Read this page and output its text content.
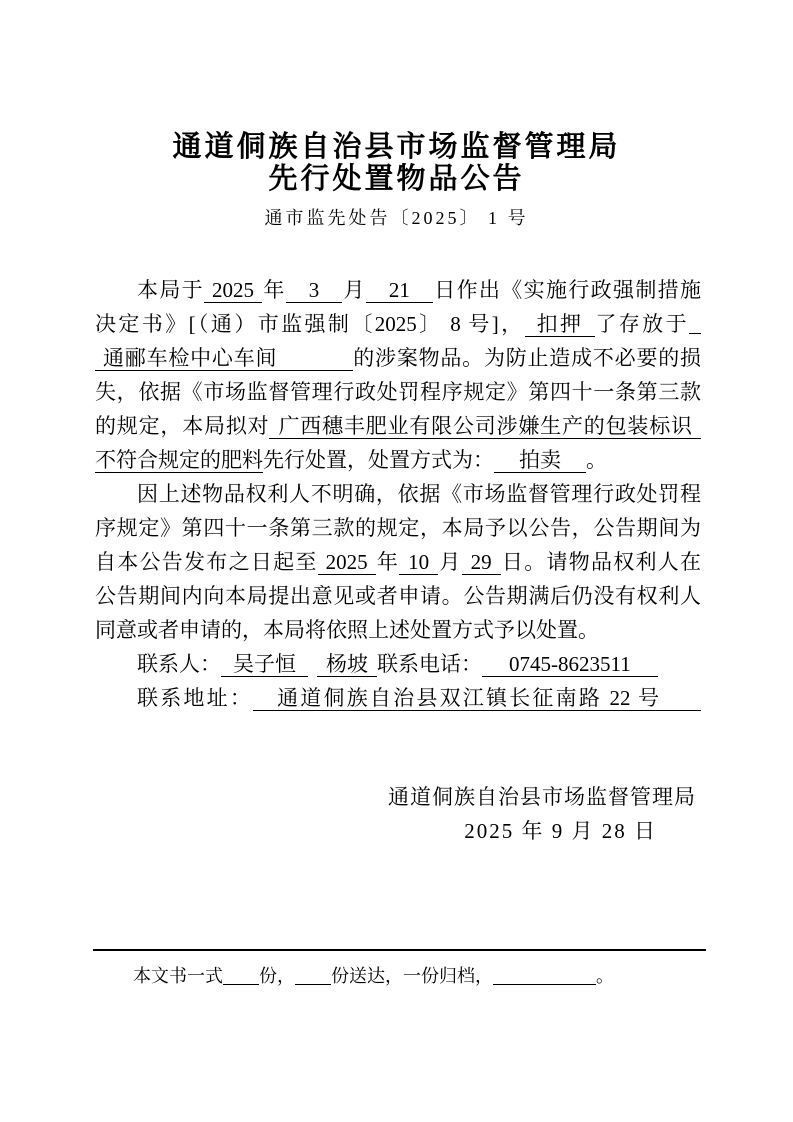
通道侗族自治县市场监督管理局
先行处置物品公告
通市监先处告〔2025〕 1 号
本局于 2025 年 3 月 21 日作出《实施行政强制措施
决定书》[（通）市监强制〔2025〕 8 号]， 扣押 了存放于
通郦车检中心车间	的涉案物品。为防止造成不必要的损
失，依据《市场监督管理行政处罚程序规定》第四十一条第三款
的规定，本局拟对 广西穗丰肥业有限公司涉嫌生产的包装标识
不符合规定的肥料先行处置，处置方式为： 拍卖 。
因上述物品权利人不明确，依据《市场监督管理行政处罚程
序规定》第四十一条第三款的规定，本局予以公告，公告期间为
自本公告发布之日起至 2025 年 10 月 29 日。请物品权利人在
公告期间内向本局提出意见或者申请。公告期满后仍没有权利人
同意或者申请的，本局将依照上述处置方式予以处置。
联系人： 吴子恒 杨坡 联系电话： 0745-8623511
联系地址： 通道侗族自治县双江镇长征南路 22 号
通道侗族自治县市场监督管理局
2025 年 9 月 28 日
本文书一式 份， 份送达，一份归档，	。
